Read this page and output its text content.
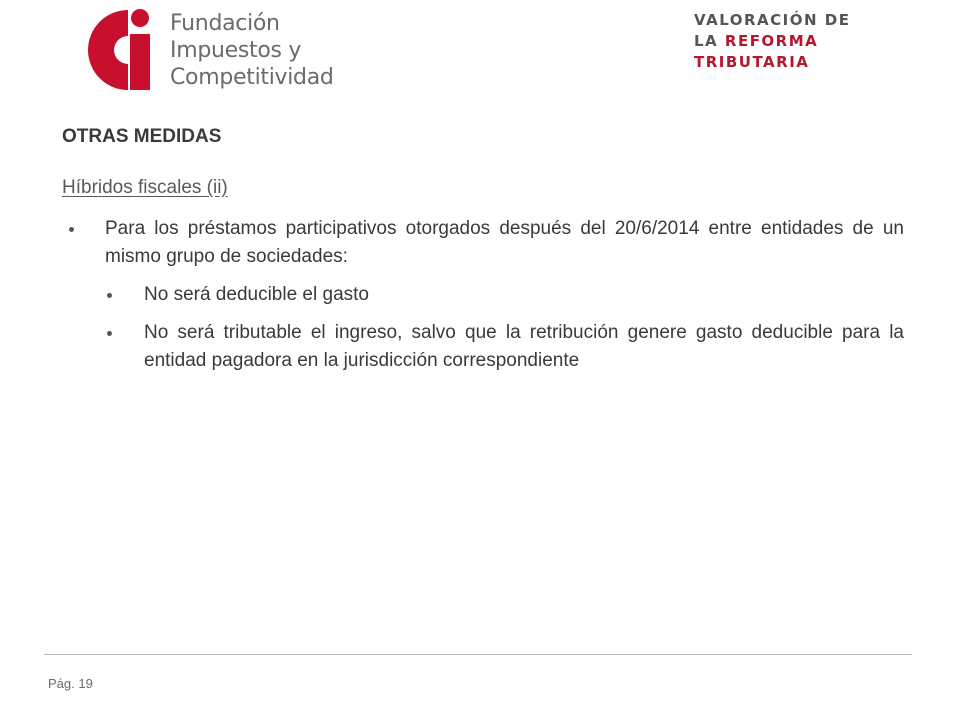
Fundación
Impuestos y
Competitividad
VALORACIÓN DE
LA REFORMA
TRIBUTARIA
OTRAS MEDIDAS
Híbridos fiscales (ii)
Para los préstamos participativos otorgados después del 20/6/2014 entre entidades de un mismo grupo de sociedades:
No será deducible el gasto
No será tributable el ingreso, salvo que la retribución genere gasto deducible para la entidad pagadora en la jurisdicción correspondiente
Pág. 19
